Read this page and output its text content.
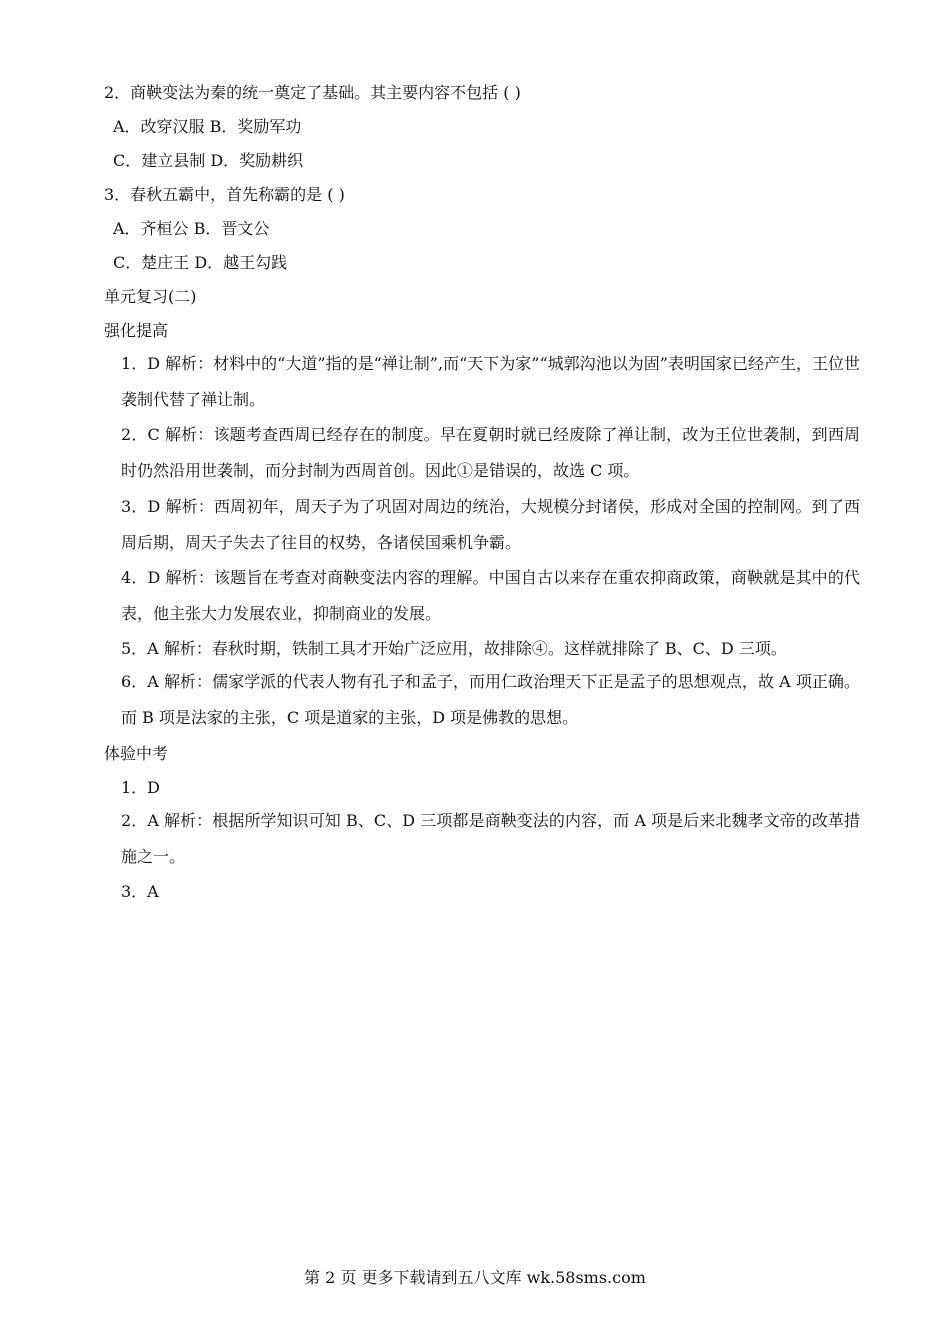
2．商鞅变法为秦的统一奠定了基础。其主要内容不包括 ( )
A．改穿汉服 B．奖励军功
C．建立县制 D．奖励耕织
3．春秋五霸中，首先称霸的是 ( )
A．齐桓公 B．晋文公
C．楚庄王 D．越王勾践
单元复习(二)
强化提高
1．D 解析：材料中的“大道”指的是“禅让制”,而“天下为家”“城郭沟池以为固”表明国家已经产生，王位世袭制代替了禅让制。
2．C 解析：该题考查西周已经存在的制度。早在夏朝时就已经废除了禅让制，改为王位世袭制，到西周时仍然沿用世袭制，而分封制为西周首创。因此①是错误的，故选 C 项。
3．D 解析：西周初年，周天子为了巩固对周边的统治，大规模分封诸侯，形成对全国的控制网。到了西周后期，周天子失去了往目的权势，各诸侯国乘机争霸。
4．D 解析：该题旨在考查对商鞅变法内容的理解。中国自古以来存在重农抑商政策，商鞅就是其中的代表，他主张大力发展农业，抑制商业的发展。
5．A 解析：春秋时期，铁制工具才开始广泛应用，故排除④。这样就排除了 B、C、D 三项。
6．A 解析：儒家学派的代表人物有孔子和孟子，而用仁政治理天下正是孟子的思想观点，故 A 项正确。而 B 项是法家的主张，C 项是道家的主张，D 项是佛教的思想。
体验中考
1．D
2．A 解析：根据所学知识可知 B、C、D 三项都是商鞅变法的内容，而 A 项是后来北魏孝文帝的改革措施之一。
3．A
第 2 页 更多下载请到五八文库 wk.58sms.com
